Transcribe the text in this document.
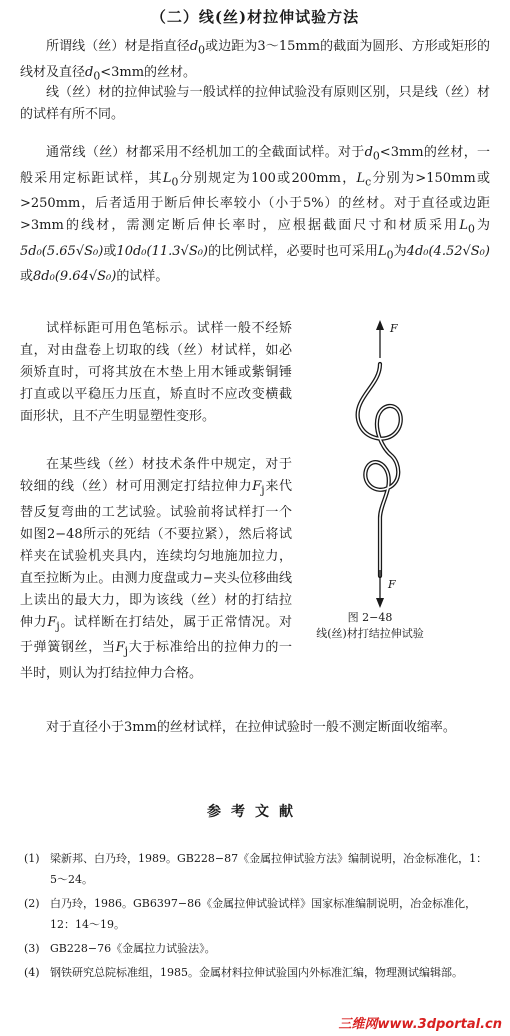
（二）线(丝)材拉伸试验方法

所谓线（丝）材是指直径$d_0$或边距为3～15mm的截面为圆形、方形或矩形的线材及直径$d_0<3mm$的丝材。

线（丝）材的拉伸试验与一般试样的拉伸试验没有原则区别，只是线（丝）材的试样有所不同。

通常线（丝）材都采用不经机加工的全截面试样。对于$d_0<3mm$的丝材，一般采用定标距试样，其$L_0$分别规定为100或200mm，$L_c$分别为>150mm或>250mm，后者适用于断后伸长率较小（小于5%）的丝材。对于直径或边距>3mm的线材，需测定断后伸长率时，应根据截面尺寸和材质采用$L_0$为5d₀(5.65√S₀)或10d₀(11.3√S₀)的比例试样，必要时也可采用$L_0$为4d₀(4.52√S₀)或8d₀(9.64√S₀)的试样。

试样标距可用色笔标示。试样一般不经矫直，对由盘卷上切取的线（丝）材试样，如必须矫直时，可将其放在木垫上用木锤或紫铜锤打直或以平稳压力压直，矫直时不应改变横截面形状，且不产生明显塑性变形。

在某些线（丝）材技术条件中规定，对于较细的线（丝）材可用测定打结拉伸力$F_j$来代替反复弯曲的工艺试验。试验前将试样打一个如图2−48所示的死结（不要拉紧），然后将试样夹在试验机夹具内，连续均匀地施加拉力，直至拉断为止。由测力度盘或力−夹头位移曲线上读出的最大力，即为该线（丝）材的打结拉伸力$F_j$。试样断在打结处，属于正常情况。对于弹簧钢丝，当$F_j$大于标准给出的拉伸力的一半时，则认为打结拉伸力合格。

对于直径小于3mm的丝材试样，在拉伸试验时一般不测定断面收缩率。

F
F
图 2−48
线(丝)材打结拉伸试验
参考文献
(1) 梁新邦、白乃玲，1989。GB228−87《金属拉伸试验方法》编制说明，冶金标准化，1：5～24。
(2) 白乃玲，1986。GB6397−86《金属拉伸试验试样》国家标准编制说明，冶金标准化，12：14～19。
(3) GB228−76《金属拉力试验法》。
(4) 钢铁研究总院标准组，1985。金属材料拉伸试验国内外标准汇编，物理测试编辑部。
三维网www.3dportal.cn
